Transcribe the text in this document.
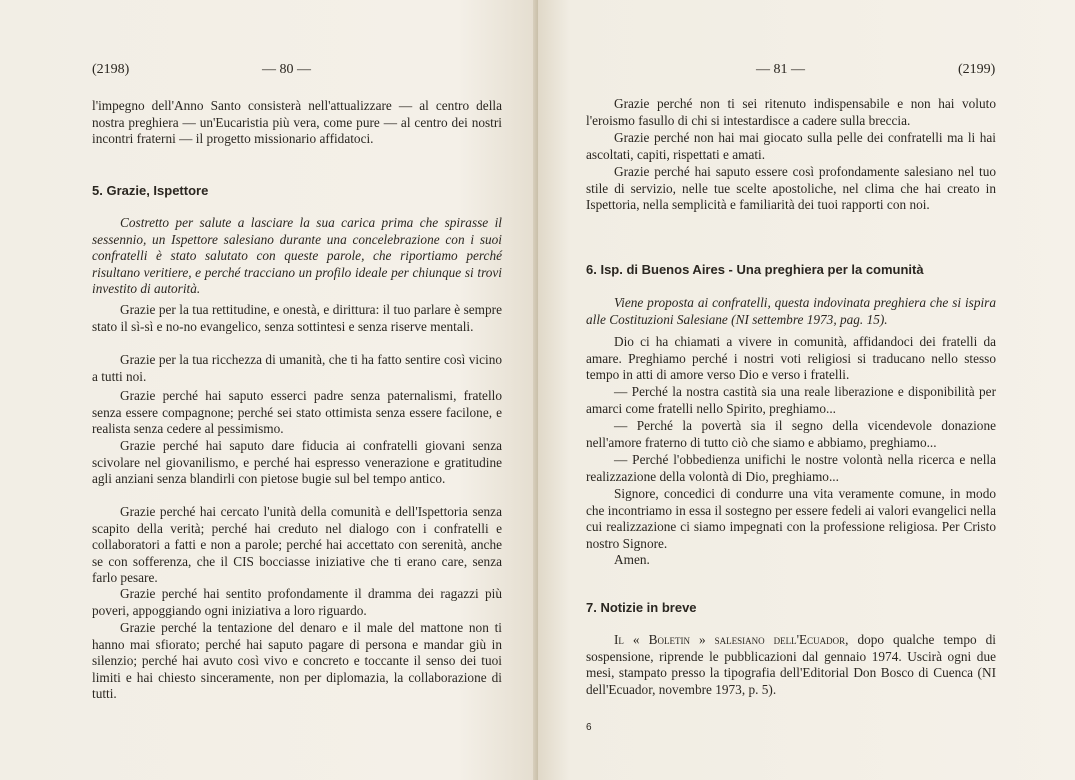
(2198)	— 80 —

l'impegno dell'Anno Santo consisterà nell'attualizzare — al centro della nostra preghiera — un'Eucaristia più vera, come pure — al centro dei nostri incontri fraterni — il progetto missionario affidatoci.

5. Grazie, Ispettore

Costretto per salute a lasciare la sua carica prima che spirasse il sessennio, un Ispettore salesiano durante una concelebrazione con i suoi confratelli è stato salutato con queste parole, che riportiamo perché risultano veritiere, e perché tracciano un profilo ideale per chiunque si trovi investito di autorità.

Grazie per la tua rettitudine, e onestà, e dirittura: il tuo parlare è sempre stato il sì-sì e no-no evangelico, senza sottintesi e senza riserve mentali.

Grazie per la tua ricchezza di umanità, che ti ha fatto sentire così vicino a tutti noi.

Grazie perché hai saputo esserci padre senza paternalismi, fratello senza essere compagnone; perché sei stato ottimista senza essere facilone, e realista senza cedere al pessimismo.

Grazie perché hai saputo dare fiducia ai confratelli giovani senza scivolare nel giovanilismo, e perché hai espresso venerazione e gratitudine agli anziani senza blandirli con pietose bugie sul bel tempo antico.

Grazie perché hai cercato l'unità della comunità e dell'Ispettoria senza scapito della verità; perché hai creduto nel dialogo con i confratelli e collaboratori a fatti e non a parole; perché hai accettato con serenità, anche se con sofferenza, che il CIS bocciasse iniziative che ti erano care, senza farlo pesare.

Grazie perché hai sentito profondamente il dramma dei ragazzi più poveri, appoggiando ogni iniziativa a loro riguardo.

Grazie perché la tentazione del denaro e il male del mattone non ti hanno mai sfiorato; perché hai saputo pagare di persona e mandar giù in silenzio; perché hai avuto così vivo e concreto e toccante il senso dei tuoi limiti e hai chiesto sinceramente, non per diplomazia, la collaborazione di tutti.

— 81 —	(2199)

Grazie perché non ti sei ritenuto indispensabile e non hai voluto l'eroismo fasullo di chi si intestardisce a cadere sulla breccia.

Grazie perché non hai mai giocato sulla pelle dei confratelli ma li hai ascoltati, capiti, rispettati e amati.

Grazie perché hai saputo essere così profondamente salesiano nel tuo stile di servizio, nelle tue scelte apostoliche, nel clima che hai creato in Ispettoria, nella semplicità e familiarità dei tuoi rapporti con noi.

6. Isp. di Buenos Aires - Una preghiera per la comunità

Viene proposta ai confratelli, questa indovinata preghiera che si ispira alle Costituzioni Salesiane (NI settembre 1973, pag. 15).

Dio ci ha chiamati a vivere in comunità, affidandoci dei fratelli da amare. Preghiamo perché i nostri voti religiosi si traducano nello stesso tempo in atti di amore verso Dio e verso i fratelli.

— Perché la nostra castità sia una reale liberazione e disponibilità per amarci come fratelli nello Spirito, preghiamo...

— Perché la povertà sia il segno della vicendevole donazione nell'amore fraterno di tutto ciò che siamo e abbiamo, preghiamo...

— Perché l'obbedienza unifichi le nostre volontà nella ricerca e nella realizzazione della volontà di Dio, preghiamo...

Signore, concedici di condurre una vita veramente comune, in modo che incontriamo in essa il sostegno per essere fedeli ai valori evangelici nella cui realizzazione ci siamo impegnati con la professione religiosa. Per Cristo nostro Signore.

Amen.

7. Notizie in breve

Il « Boletin » salesiano dell'Ecuador, dopo qualche tempo di sospensione, riprende le pubblicazioni dal gennaio 1974. Uscirà ogni due mesi, stampato presso la tipografia dell'Editorial Don Bosco di Cuenca (NI dell'Ecuador, novembre 1973, p. 5).

6
